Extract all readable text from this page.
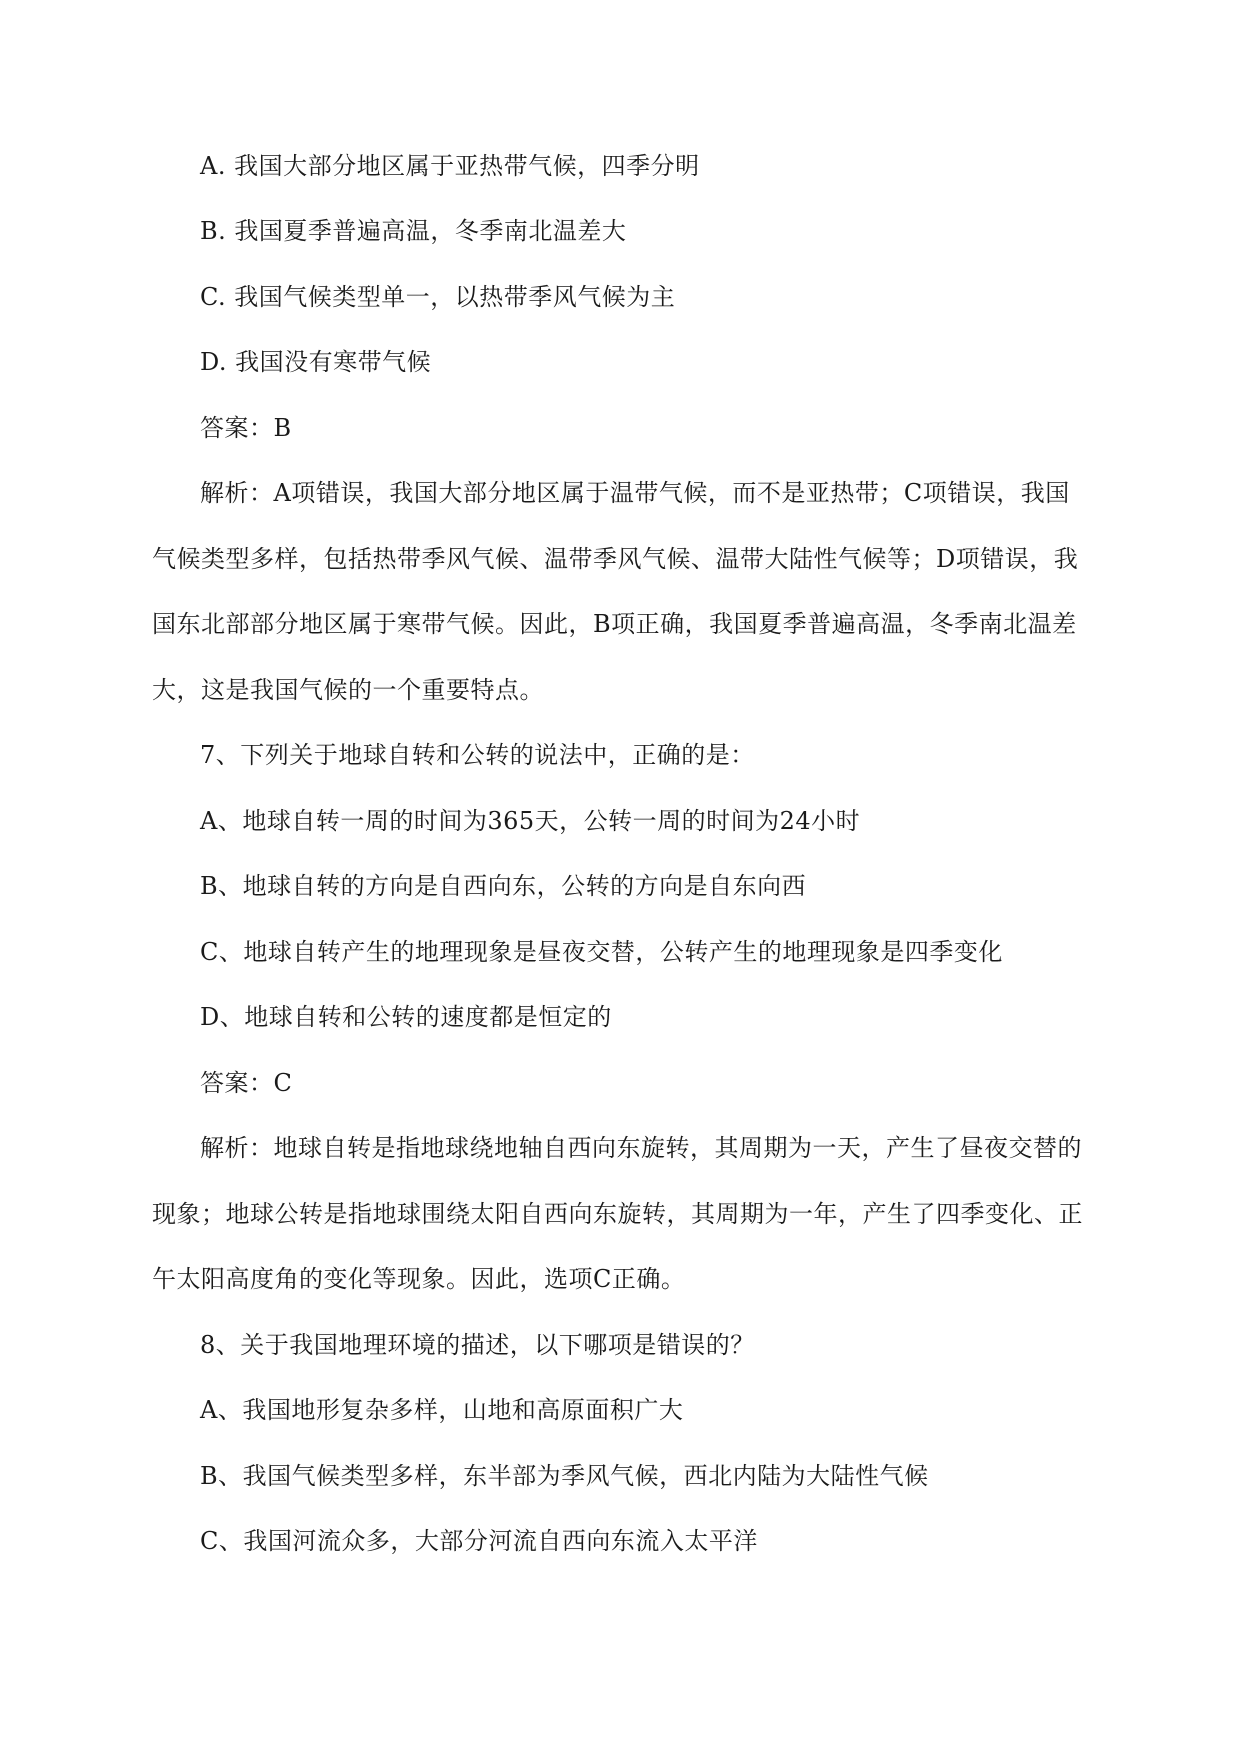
A. 我国大部分地区属于亚热带气候，四季分明
B. 我国夏季普遍高温，冬季南北温差大
C. 我国气候类型单一，以热带季风气候为主
D. 我国没有寒带气候
答案：B
解析：A项错误，我国大部分地区属于温带气候，而不是亚热带；C项错误，我国
气候类型多样，包括热带季风气候、温带季风气候、温带大陆性气候等；D项错误，我
国东北部部分地区属于寒带气候。因此，B项正确，我国夏季普遍高温，冬季南北温差
大，这是我国气候的一个重要特点。
7、下列关于地球自转和公转的说法中，正确的是：
A、地球自转一周的时间为365天，公转一周的时间为24小时
B、地球自转的方向是自西向东，公转的方向是自东向西
C、地球自转产生的地理现象是昼夜交替，公转产生的地理现象是四季变化
D、地球自转和公转的速度都是恒定的
答案：C
解析：地球自转是指地球绕地轴自西向东旋转，其周期为一天，产生了昼夜交替的
现象；地球公转是指地球围绕太阳自西向东旋转，其周期为一年，产生了四季变化、正
午太阳高度角的变化等现象。因此，选项C正确。
8、关于我国地理环境的描述，以下哪项是错误的？
A、我国地形复杂多样，山地和高原面积广大
B、我国气候类型多样，东半部为季风气候，西北内陆为大陆性气候
C、我国河流众多，大部分河流自西向东流入太平洋
